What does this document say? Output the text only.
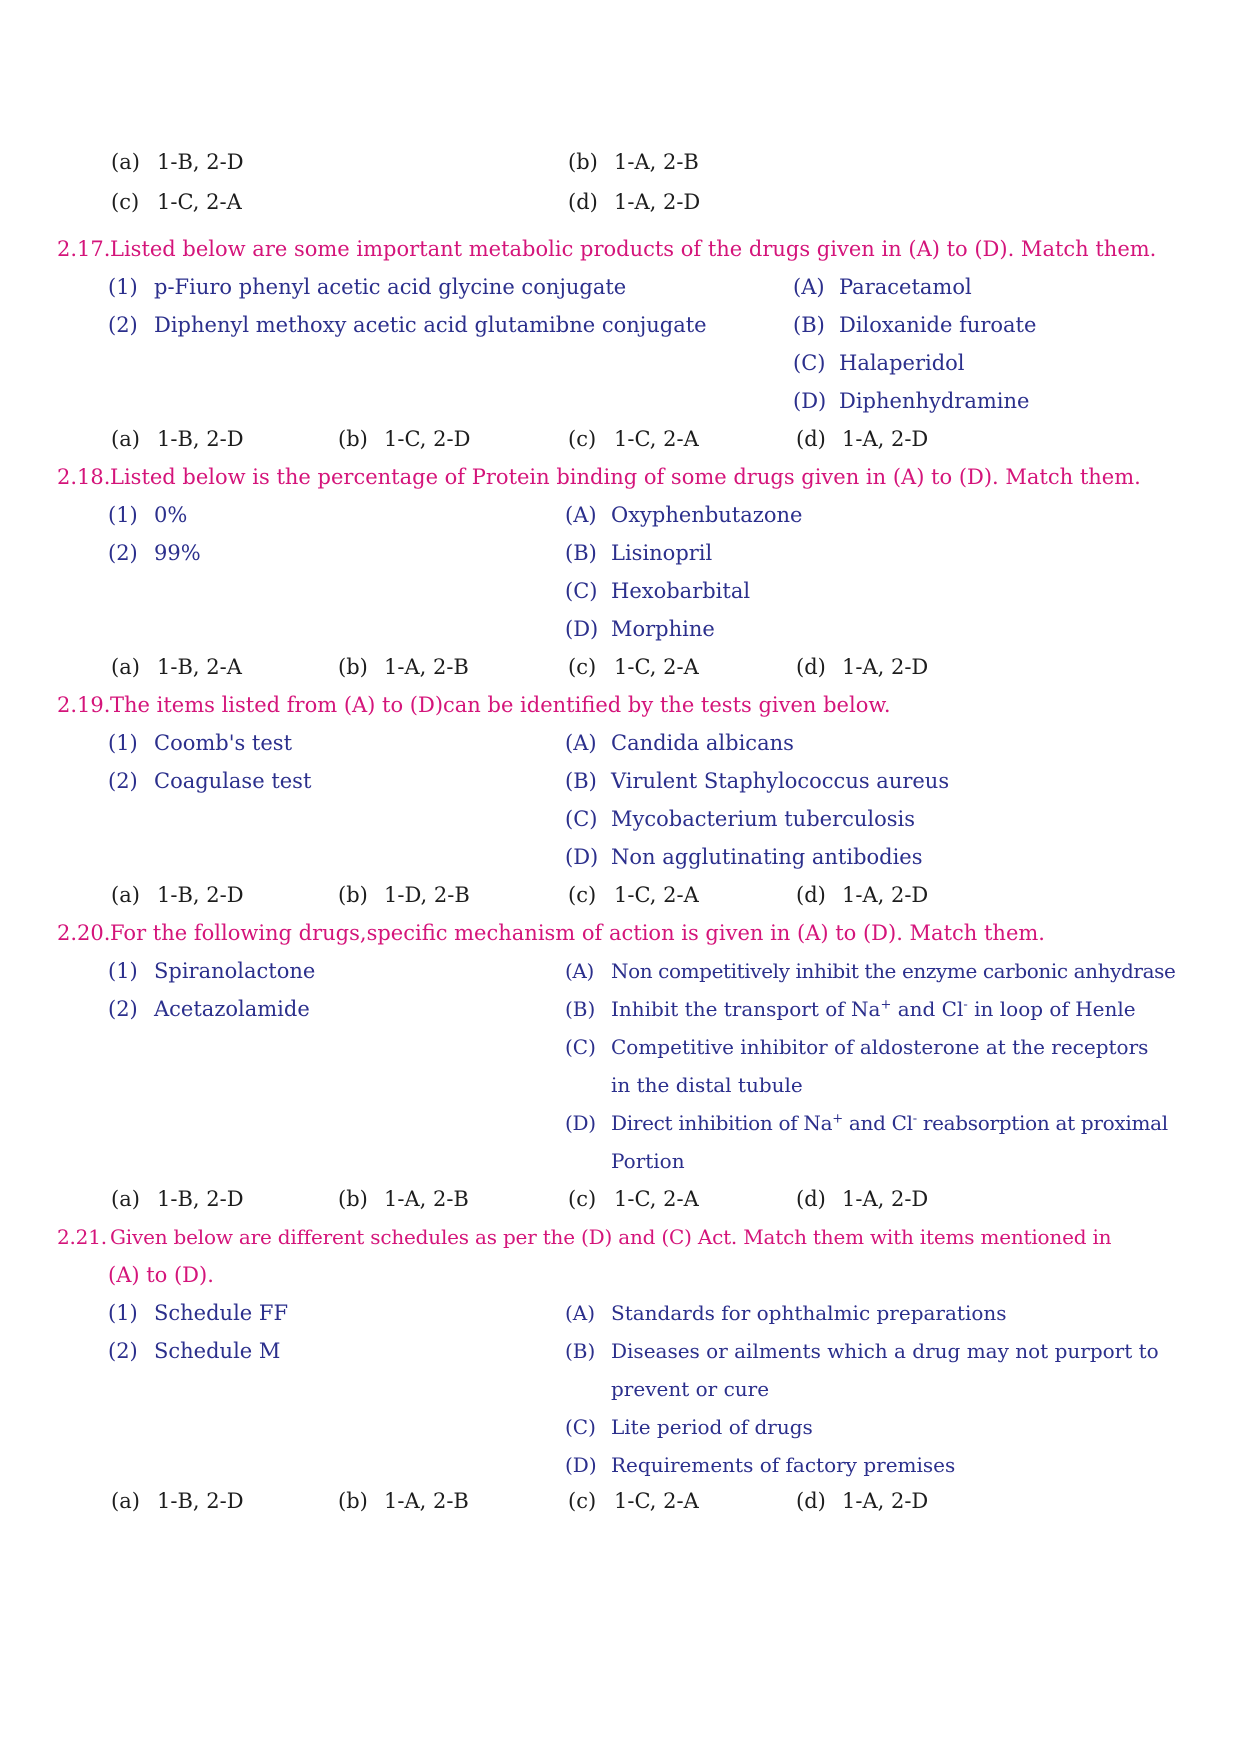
(a) 1-B, 2-D	(b) 1-A, 2-B
(c) 1-C, 2-A	(d) 1-A, 2-D
2.17.Listed below are some important metabolic products of the drugs given in (A) to (D). Match them.
(1) p-Fiuro phenyl acetic acid glycine conjugate
(2) Diphenyl methoxy acetic acid glutamibne conjugate
(A) Paracetamol
(B) Diloxanide furoate
(C) Halaperidol
(D) Diphenhydramine
(a) 1-B, 2-D	(b) 1-C, 2-D	(c) 1-C, 2-A	(d) 1-A, 2-D
2.18.Listed below is the percentage of Protein binding of some drugs given in (A) to (D). Match them.
(1) 0%
(2) 99%
(A) Oxyphenbutazone
(B) Lisinopril
(C) Hexobarbital
(D) Morphine
(a) 1-B, 2-A	(b) 1-A, 2-B	(c) 1-C, 2-A	(d) 1-A, 2-D
2.19.The items listed from (A) to (D)can be identified by the tests given below.
(1) Coomb's test
(2) Coagulase test
(A) Candida albicans
(B) Virulent Staphylococcus aureus
(C) Mycobacterium tuberculosis
(D) Non agglutinating antibodies
(a) 1-B, 2-D	(b) 1-D, 2-B	(c) 1-C, 2-A	(d) 1-A, 2-D
2.20.For the following drugs,specific mechanism of action is given in (A) to (D). Match them.
(1) Spiranolactone
(2) Acetazolamide
(A) Non competitively inhibit the enzyme carbonic anhydrase
(B) Inhibit the transport of Na+ and Cl- in loop of Henle
(C) Competitive inhibitor of aldosterone at the receptors
in the distal tubule
(D) Direct inhibition of Na+ and Cl- reabsorption at proximal
Portion
(a) 1-B, 2-D	(b) 1-A, 2-B	(c) 1-C, 2-A	(d) 1-A, 2-D
2.21. Given below are different schedules as per the (D) and (C) Act. Match them with items mentioned in
(A) to (D).
(1) Schedule FF
(2) Schedule M
(A) Standards for ophthalmic preparations
(B) Diseases or ailments which a drug may not purport to
prevent or cure
(C) Lite period of drugs
(D) Requirements of factory premises
(a) 1-B, 2-D	(b) 1-A, 2-B	(c) 1-C, 2-A	(d) 1-A, 2-D
